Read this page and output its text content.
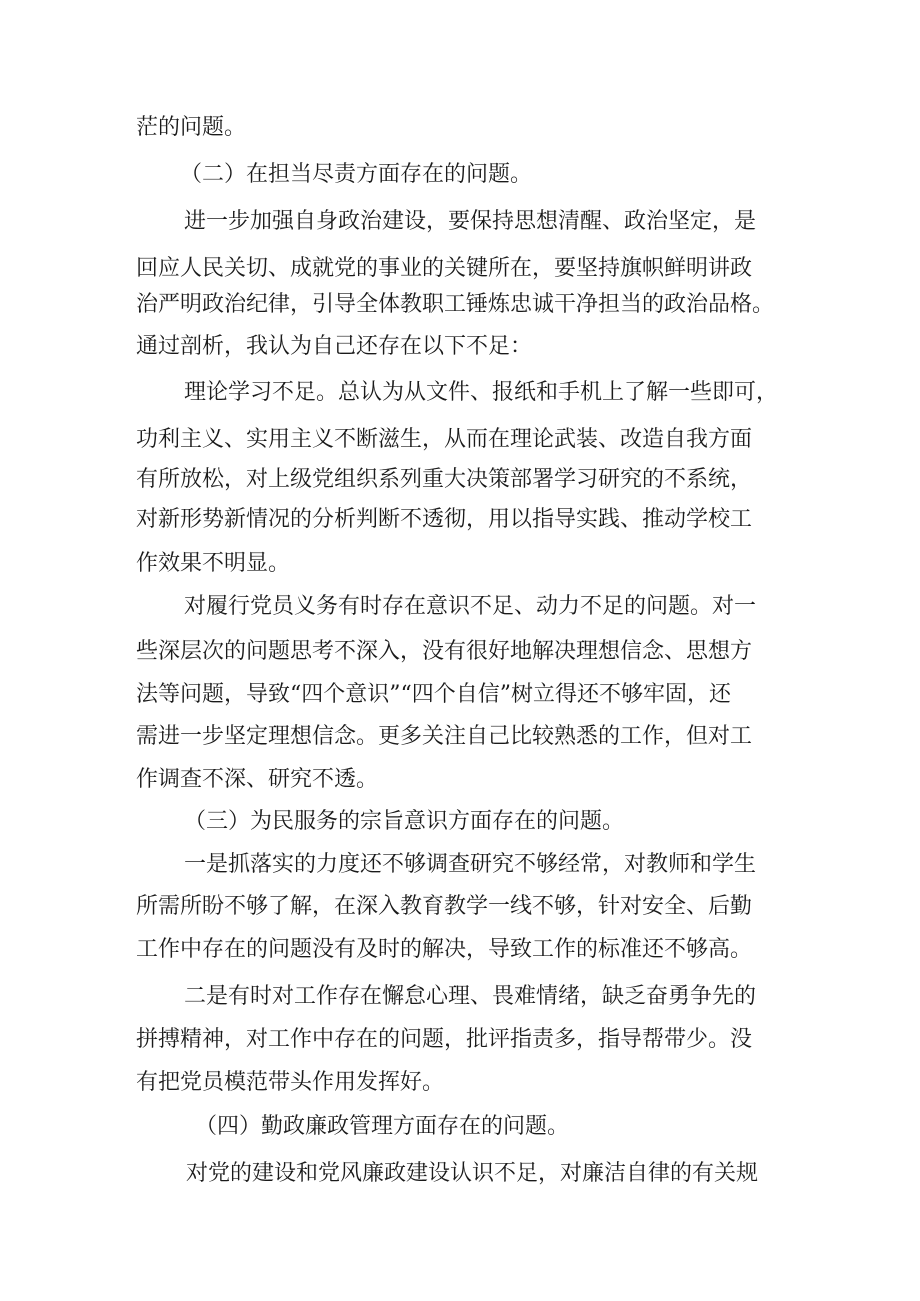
茫的问题。
（二）在担当尽责方面存在的问题。
进一步加强自身政治建设，要保持思想清醒、政治坚定，是
回应人民关切、成就党的事业的关键所在，要坚持旗帜鲜明讲政
治严明政治纪律，引导全体教职工锤炼忠诚干净担当的政治品格。
通过剖析，我认为自己还存在以下不足：
理论学习不足。总认为从文件、报纸和手机上了解一些即可，
功利主义、实用主义不断滋生，从而在理论武装、改造自我方面
有所放松，对上级党组织系列重大决策部署学习研究的不系统，
对新形势新情况的分析判断不透彻，用以指导实践、推动学校工
作效果不明显。
对履行党员义务有时存在意识不足、动力不足的问题。对一
些深层次的问题思考不深入，没有很好地解决理想信念、思想方
法等问题，导致“四个意识”“四个自信”树立得还不够牢固，还
需进一步坚定理想信念。更多关注自己比较熟悉的工作，但对工
作调查不深、研究不透。
（三）为民服务的宗旨意识方面存在的问题。
一是抓落实的力度还不够调查研究不够经常，对教师和学生
所需所盼不够了解，在深入教育教学一线不够，针对安全、后勤
工作中存在的问题没有及时的解决，导致工作的标准还不够高。
二是有时对工作存在懈怠心理、畏难情绪，缺乏奋勇争先的
拼搏精神，对工作中存在的问题，批评指责多，指导帮带少。没
有把党员模范带头作用发挥好。
（四）勤政廉政管理方面存在的问题。
对党的建设和党风廉政建设认识不足，对廉洁自律的有关规
